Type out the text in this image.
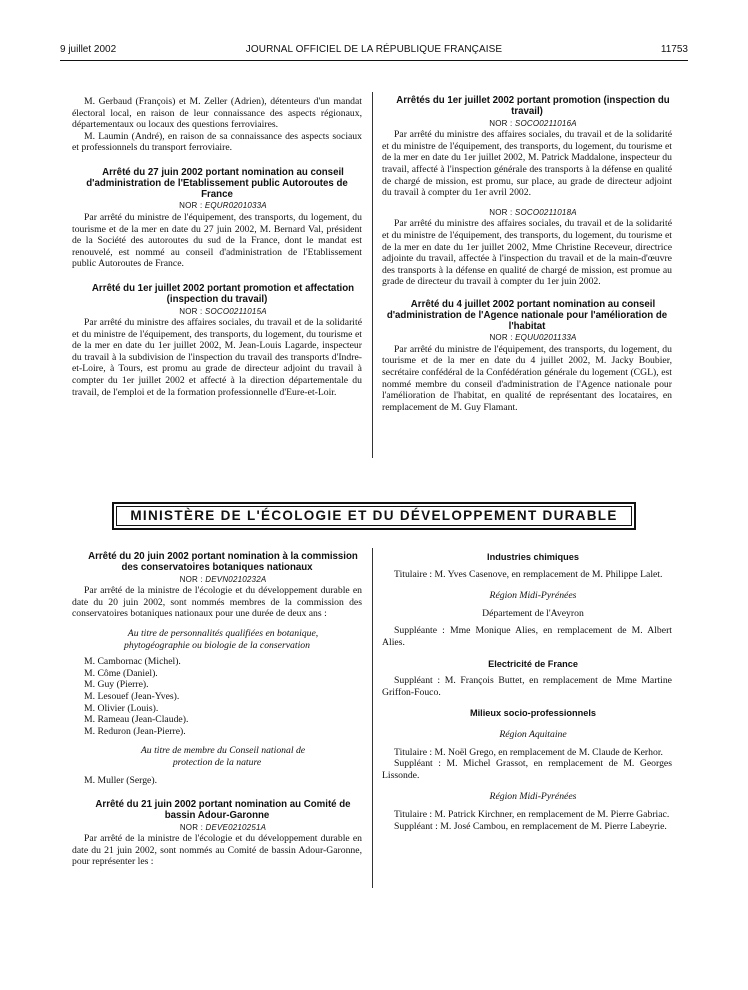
9 juillet 2002	JOURNAL OFFICIEL DE LA RÉPUBLIQUE FRANÇAISE	11753

M. Gerbaud (François) et M. Zeller (Adrien), détenteurs d'un mandat électoral local, en raison de leur connaissance des aspects régionaux, départementaux ou locaux des questions ferroviaires.

M. Laumin (André), en raison de sa connaissance des aspects sociaux et professionnels du transport ferroviaire.

Arrêté du 27 juin 2002 portant nomination au conseil d'administration de l'Etablissement public Autoroutes de France

NOR : EQUR0201033A

Par arrêté du ministre de l'équipement, des transports, du logement, du tourisme et de la mer en date du 27 juin 2002, M. Bernard Val, président de la Société des autoroutes du sud de la France, dont le mandat est renouvelé, est nommé au conseil d'administration de l'Etablissement public Autoroutes de France.

Arrêté du 1er juillet 2002 portant promotion et affectation (inspection du travail)

NOR : SOCO0211015A

Par arrêté du ministre des affaires sociales, du travail et de la solidarité et du ministre de l'équipement, des transports, du logement, du tourisme et de la mer en date du 1er juillet 2002, M. Jean-Louis Lagarde, inspecteur du travail à la subdivision de l'inspection du travail des transports d'Indre-et-Loire, à Tours, est promu au grade de directeur adjoint du travail à compter du 1er juillet 2002 et affecté à la direction départementale du travail, de l'emploi et de la formation professionnelle d'Eure-et-Loir.

Arrêtés du 1er juillet 2002 portant promotion (inspection du travail)

NOR : SOCO0211016A

Par arrêté du ministre des affaires sociales, du travail et de la solidarité et du ministre de l'équipement, des transports, du logement, du tourisme et de la mer en date du 1er juillet 2002, M. Patrick Maddalone, inspecteur du travail, affecté à l'inspection générale des transports à la défense en qualité de chargé de mission, est promu, sur place, au grade de directeur adjoint du travail à compter du 1er avril 2002.

NOR : SOCO0211018A

Par arrêté du ministre des affaires sociales, du travail et de la solidarité et du ministre de l'équipement, des transports, du logement, du tourisme et de la mer en date du 1er juillet 2002, Mme Christine Receveur, directrice adjointe du travail, affectée à l'inspection du travail et de la main-d'œuvre des transports à la défense en qualité de chargé de mission, est promue au grade de directeur du travail à compter du 1er juin 2002.

Arrêté du 4 juillet 2002 portant nomination au conseil d'administration de l'Agence nationale pour l'amélioration de l'habitat

NOR : EQUU0201133A

Par arrêté du ministre de l'équipement, des transports, du logement, du tourisme et de la mer en date du 4 juillet 2002, M. Jacky Boubier, secrétaire confédéral de la Confédération générale du logement (CGL), est nommé membre du conseil d'administration de l'Agence nationale pour l'amélioration de l'habitat, en qualité de représentant des locataires, en remplacement de M. Guy Flamant.

MINISTÈRE DE L'ÉCOLOGIE ET DU DÉVELOPPEMENT DURABLE

Arrêté du 20 juin 2002 portant nomination à la commission des conservatoires botaniques nationaux

NOR : DEVN0210232A

Par arrêté de la ministre de l'écologie et du développement durable en date du 20 juin 2002, sont nommés membres de la commission des conservatoires botaniques nationaux pour une durée de deux ans :

Au titre de personnalités qualifiées en botanique, phytogéographie ou biologie de la conservation

M. Cambornac (Michel).

M. Côme (Daniel).

M. Guy (Pierre).

M. Lesouef (Jean-Yves).

M. Olivier (Louis).

M. Rameau (Jean-Claude).

M. Reduron (Jean-Pierre).

Au titre de membre du Conseil national de protection de la nature

M. Muller (Serge).

Arrêté du 21 juin 2002 portant nomination au Comité de bassin Adour-Garonne

NOR : DEVE0210251A

Par arrêté de la ministre de l'écologie et du développement durable en date du 21 juin 2002, sont nommés au Comité de bassin Adour-Garonne, pour représenter les :

Industries chimiques

Titulaire : M. Yves Casenove, en remplacement de M. Philippe Lalet.

Région Midi-Pyrénées

Département de l'Aveyron

Suppléante : Mme Monique Alies, en remplacement de M. Albert Alies.

Electricité de France

Suppléant : M. François Buttet, en remplacement de Mme Martine Griffon-Fouco.

Milieux socio-professionnels

Région Aquitaine

Titulaire : M. Noël Grego, en remplacement de M. Claude de Kerhor.

Suppléant : M. Michel Grassot, en remplacement de M. Georges Lissonde.

Région Midi-Pyrénées

Titulaire : M. Patrick Kirchner, en remplacement de M. Pierre Gabriac.

Suppléant : M. José Cambou, en remplacement de M. Pierre Labeyrie.
